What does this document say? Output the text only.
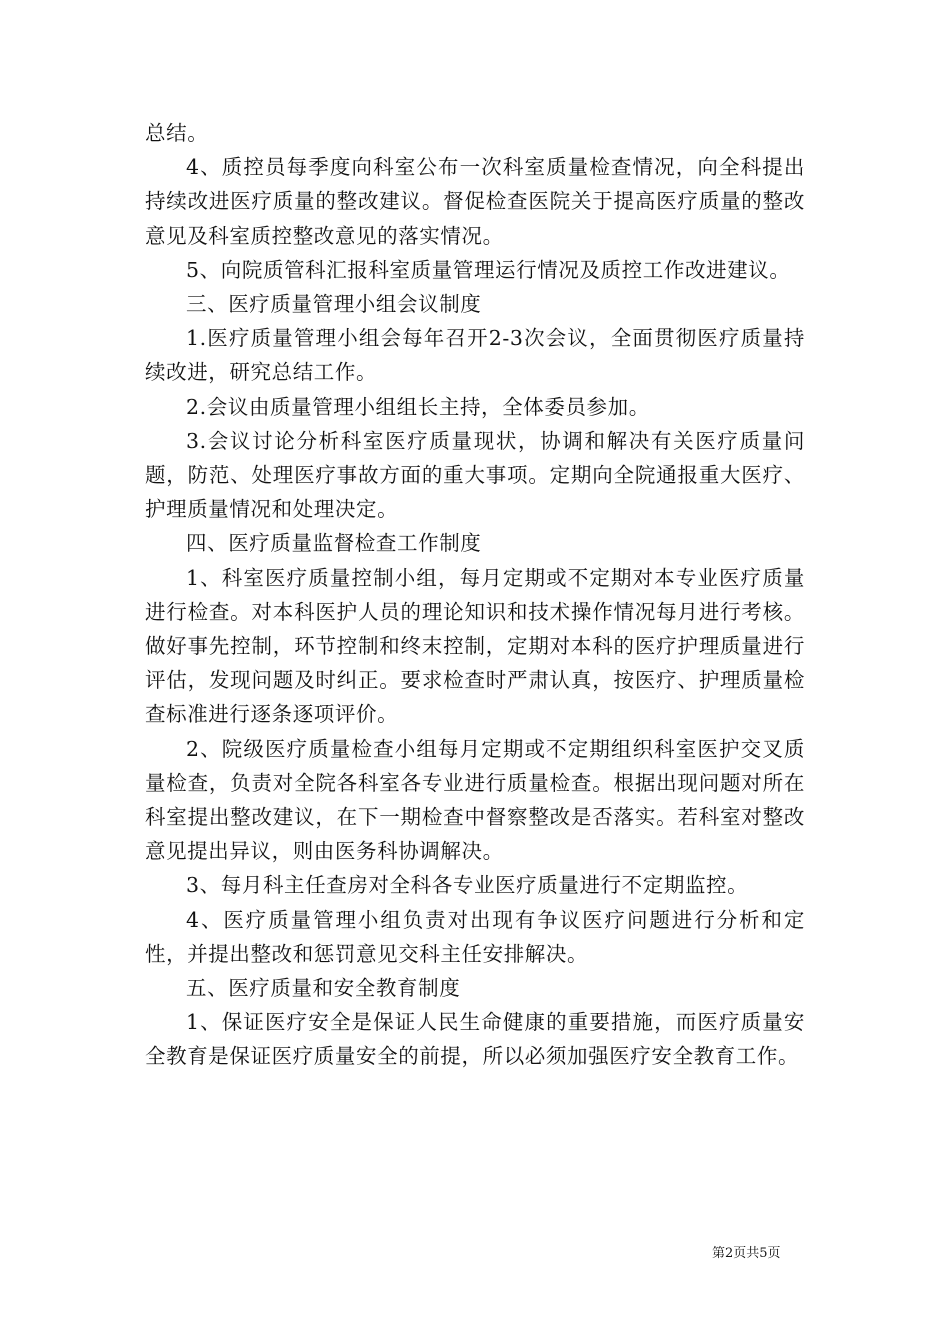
总结。

4、质控员每季度向科室公布一次科室质量检查情况，向全科提出持续改进医疗质量的整改建议。督促检查医院关于提高医疗质量的整改意见及科室质控整改意见的落实情况。

5、向院质管科汇报科室质量管理运行情况及质控工作改进建议。

三、医疗质量管理小组会议制度

1.医疗质量管理小组会每年召开2-3次会议，全面贯彻医疗质量持续改进，研究总结工作。

2.会议由质量管理小组组长主持，全体委员参加。

3.会议讨论分析科室医疗质量现状，协调和解决有关医疗质量问题，防范、处理医疗事故方面的重大事项。定期向全院通报重大医疗、护理质量情况和处理决定。

四、医疗质量监督检查工作制度

1、科室医疗质量控制小组，每月定期或不定期对本专业医疗质量进行检查。对本科医护人员的理论知识和技术操作情况每月进行考核。做好事先控制，环节控制和终末控制，定期对本科的医疗护理质量进行评估，发现问题及时纠正。要求检查时严肃认真，按医疗、护理质量检查标准进行逐条逐项评价。

2、院级医疗质量检查小组每月定期或不定期组织科室医护交叉质量检查，负责对全院各科室各专业进行质量检查。根据出现问题对所在科室提出整改建议，在下一期检查中督察整改是否落实。若科室对整改意见提出异议，则由医务科协调解决。

3、每月科主任查房对全科各专业医疗质量进行不定期监控。

4、医疗质量管理小组负责对出现有争议医疗问题进行分析和定性，并提出整改和惩罚意见交科主任安排解决。

五、医疗质量和安全教育制度

1、保证医疗安全是保证人民生命健康的重要措施，而医疗质量安全教育是保证医疗质量安全的前提，所以必须加强医疗安全教育工作。

第2页共5页
